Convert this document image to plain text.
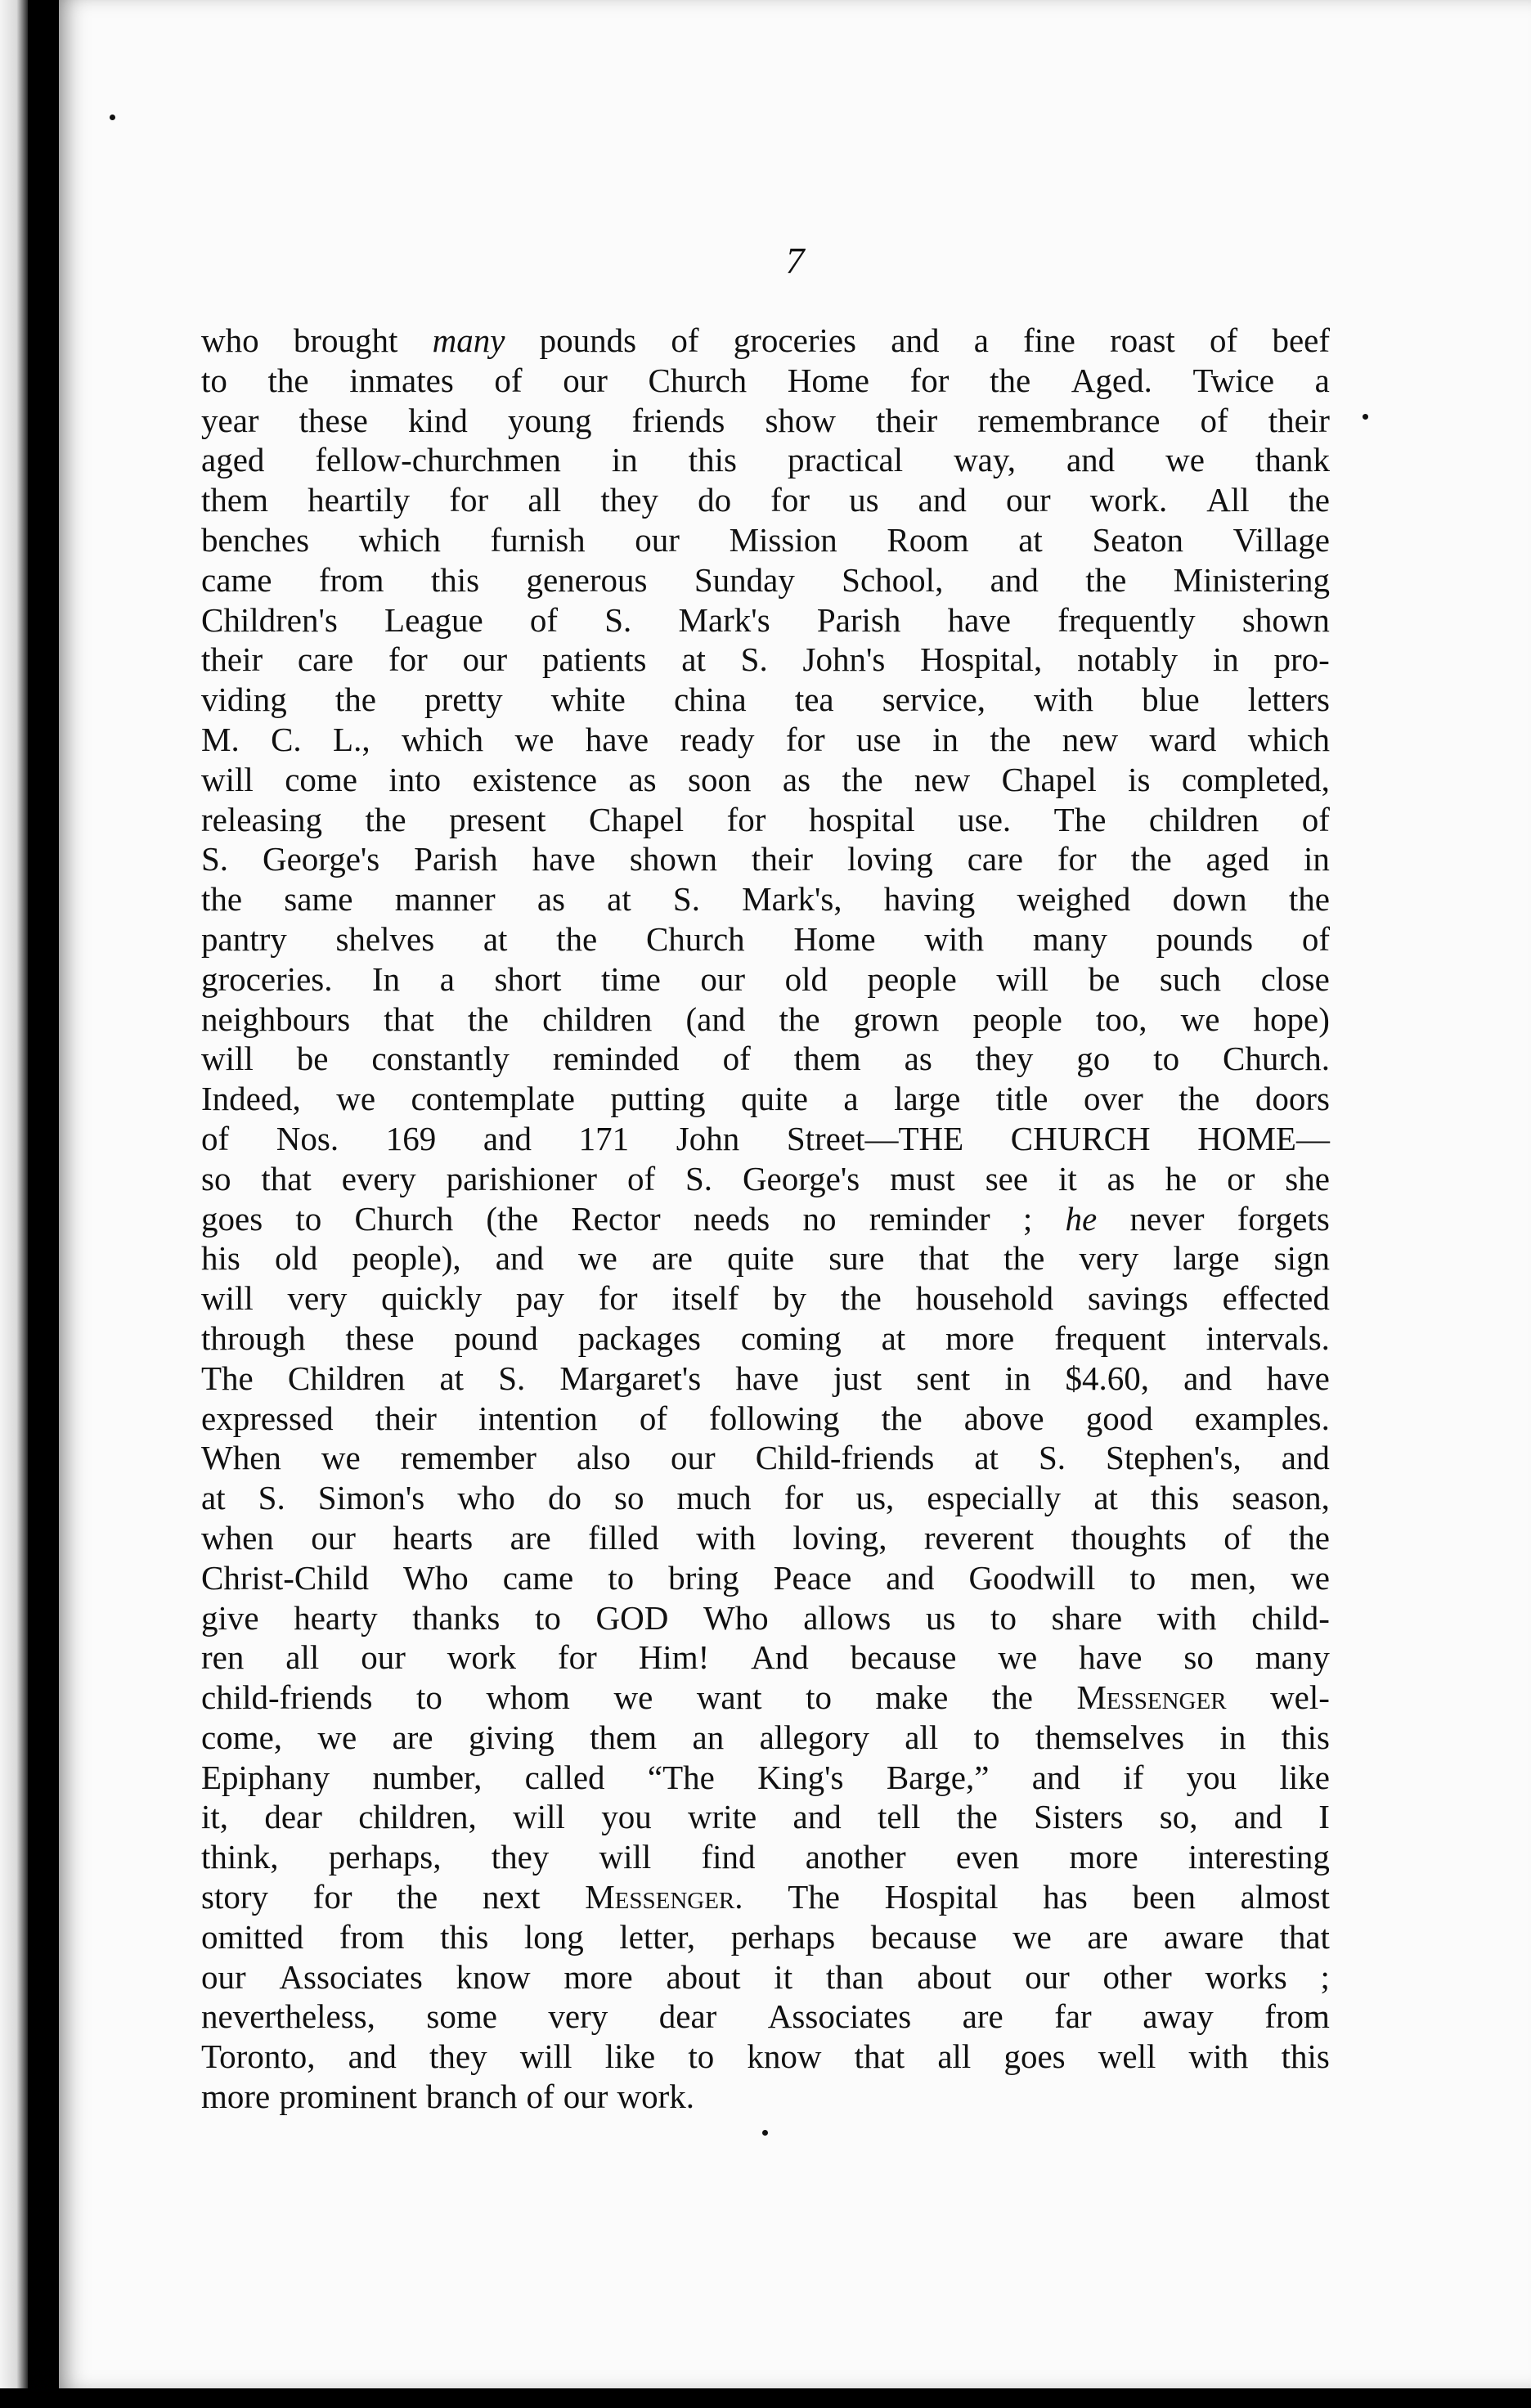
7
who brought many pounds of groceries and a fine roast of beef
to the inmates of our Church Home for the Aged. Twice a
year these kind young friends show their remembrance of their
aged fellow-churchmen in this practical way, and we thank
them heartily for all they do for us and our work. All the
benches which furnish our Mission Room at Seaton Village
came from this generous Sunday School, and the Ministering
Children's League of S. Mark's Parish have frequently shown
their care for our patients at S. John's Hospital, notably in pro-
viding the pretty white china tea service, with blue letters
M. C. L., which we have ready for use in the new ward which
will come into existence as soon as the new Chapel is completed,
releasing the present Chapel for hospital use. The children of
S. George's Parish have shown their loving care for the aged in
the same manner as at S. Mark's, having weighed down the
pantry shelves at the Church Home with many pounds of
groceries. In a short time our old people will be such close
neighbours that the children (and the grown people too, we hope)
will be constantly reminded of them as they go to Church.
Indeed, we contemplate putting quite a large title over the doors
of Nos. 169 and 171 John Street—THE CHURCH HOME—
so that every parishioner of S. George's must see it as he or she
goes to Church (the Rector needs no reminder ; he never forgets
his old people), and we are quite sure that the very large sign
will very quickly pay for itself by the household savings effected
through these pound packages coming at more frequent intervals.
The Children at S. Margaret's have just sent in $4.60, and have
expressed their intention of following the above good examples.
When we remember also our Child-friends at S. Stephen's, and
at S. Simon's who do so much for us, especially at this season,
when our hearts are filled with loving, reverent thoughts of the
Christ-Child Who came to bring Peace and Goodwill to men, we
give hearty thanks to GOD Who allows us to share with child-
ren all our work for Him! And because we have so many
child-friends to whom we want to make the Messenger wel-
come, we are giving them an allegory all to themselves in this
Epiphany number, called “The King's Barge,” and if you like
it, dear children, will you write and tell the Sisters so, and I
think, perhaps, they will find another even more interesting
story for the next Messenger. The Hospital has been almost
omitted from this long letter, perhaps because we are aware that
our Associates know more about it than about our other works ;
nevertheless, some very dear Associates are far away from
Toronto, and they will like to know that all goes well with this
more prominent branch of our work.
